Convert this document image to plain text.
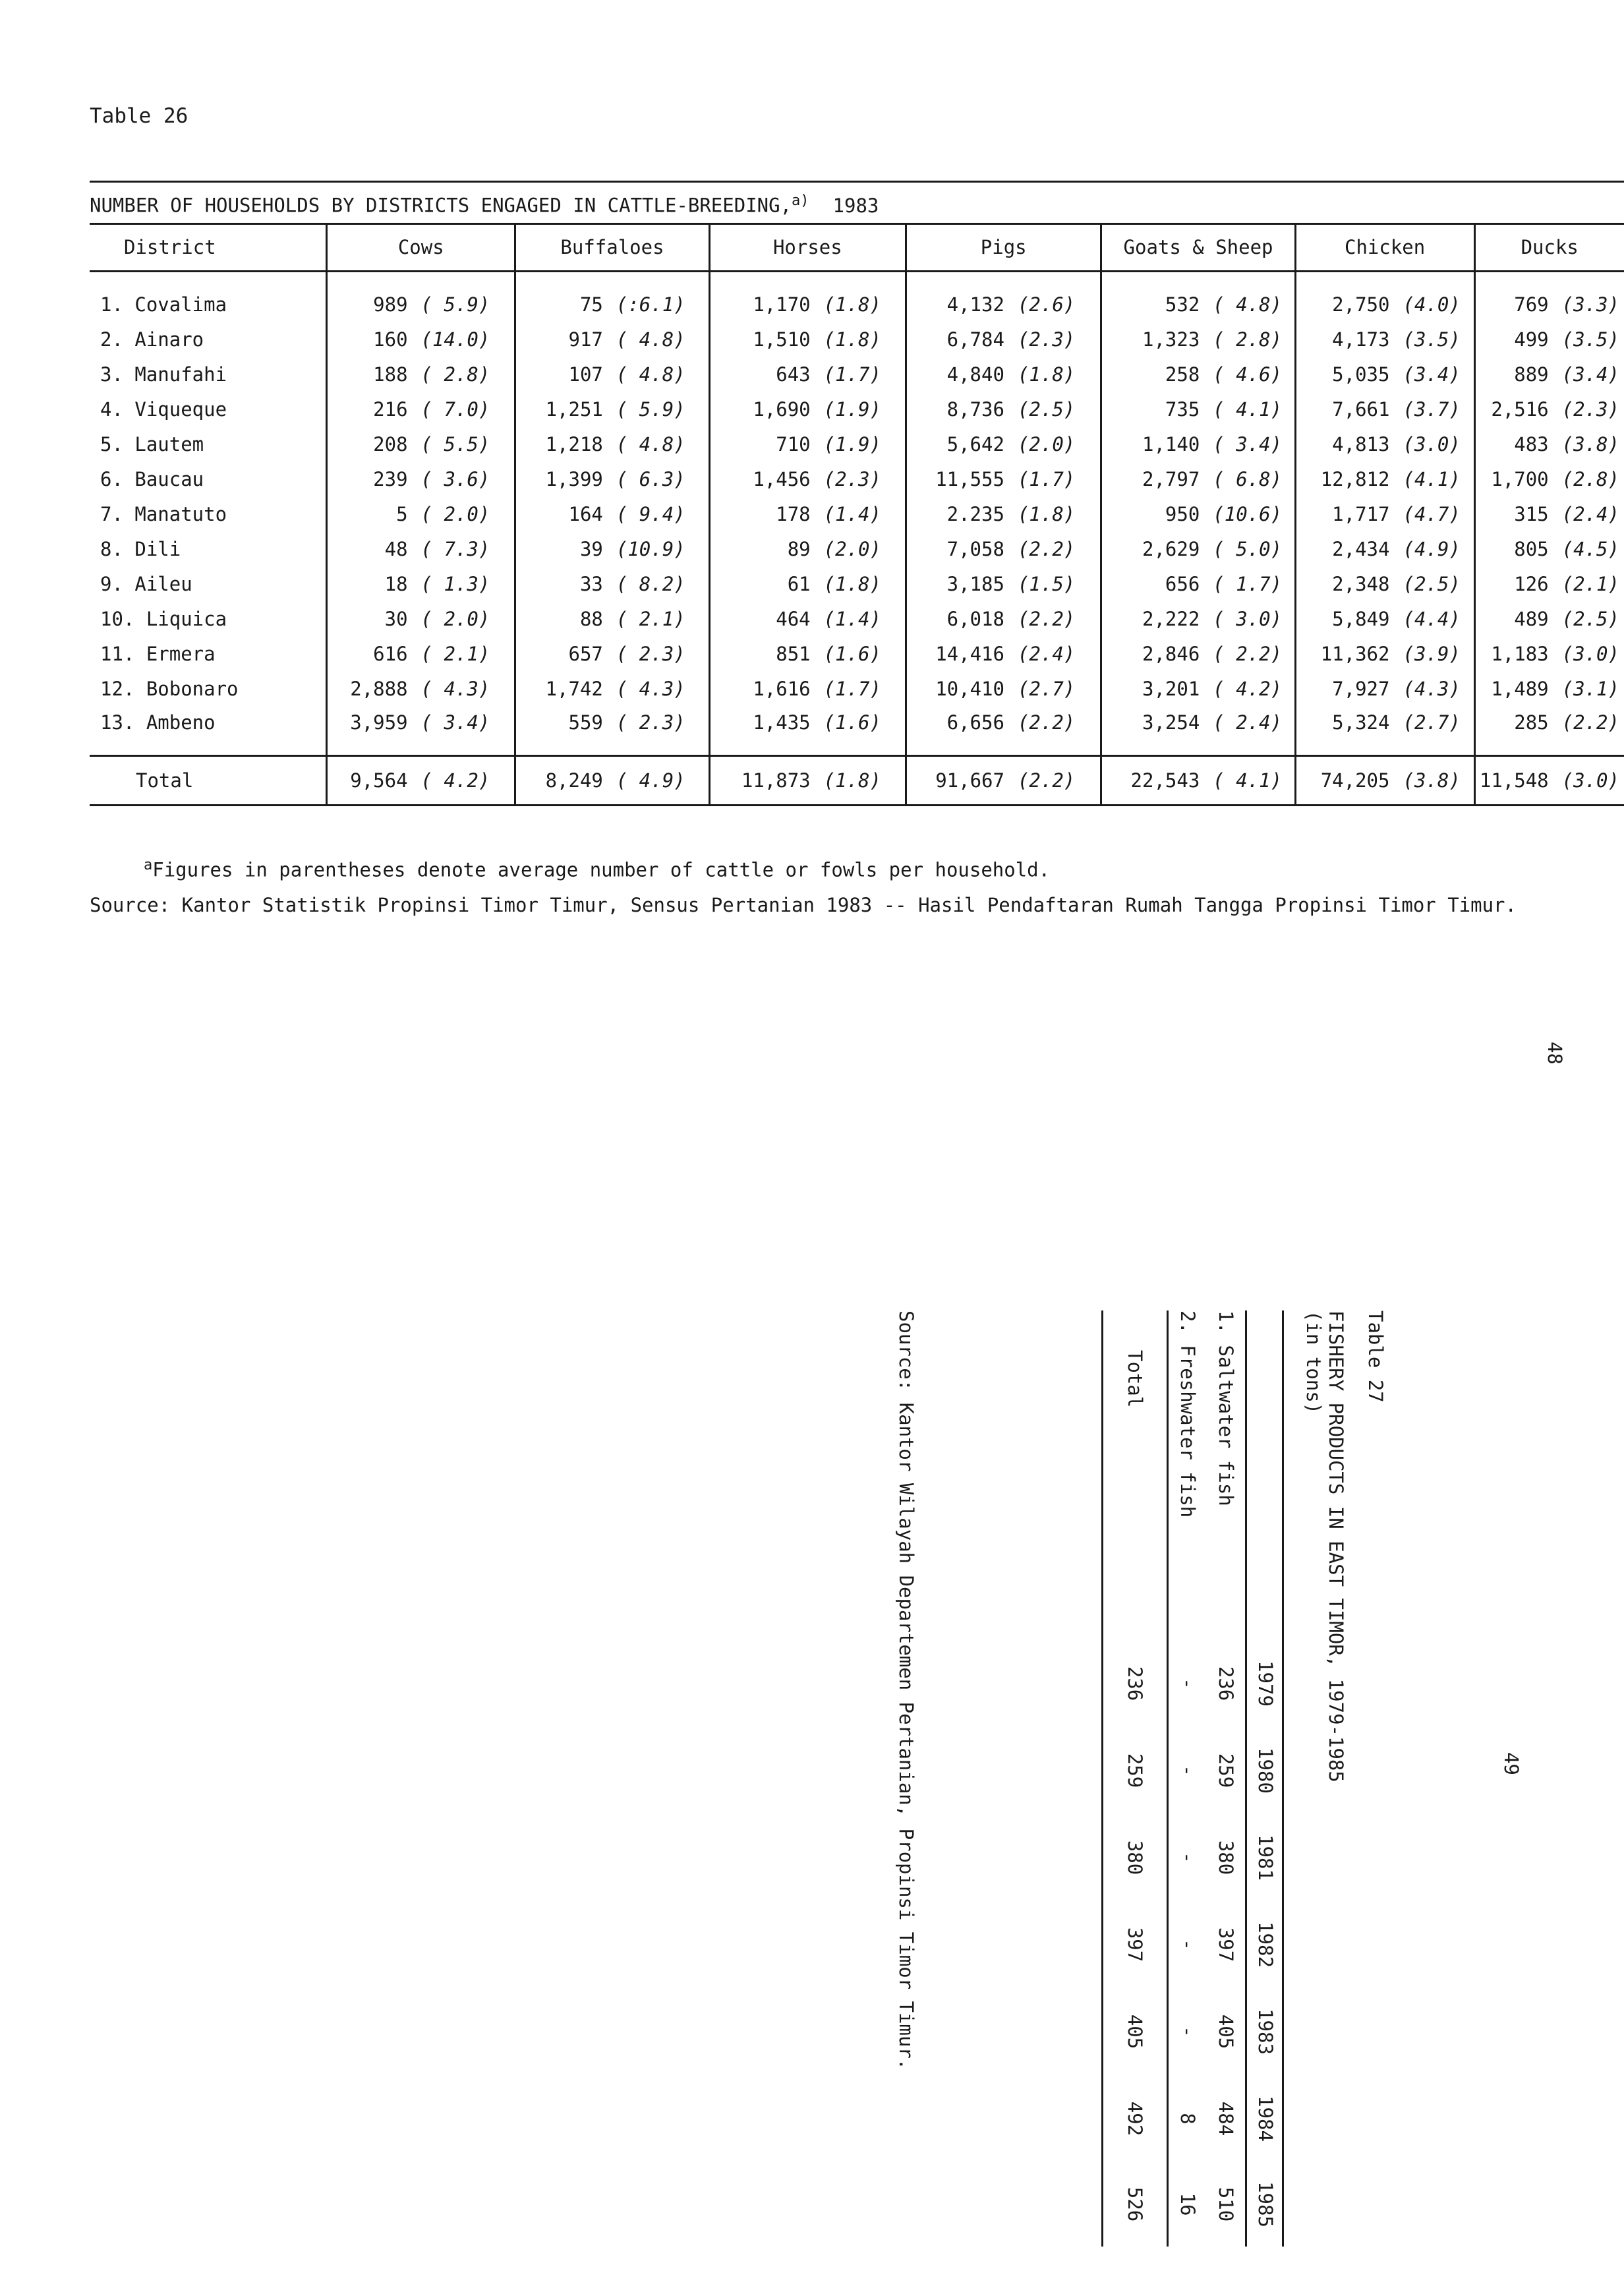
Table 26
NUMBER OF HOUSEHOLDS BY DISTRICTS ENGAGED IN CATTLE-BREEDING,$^{a)}$ 1983
District	Cows		Buffaloes		Horses		Pigs		Goats & Sheep		Chicken		Ducks	

1. Covalima	989	( 5.9)	75	(:6.1)	1,170	(1.8)	4,132	(2.6)	532	( 4.8)	2,750	(4.0)	769	(3.3)
2. Ainaro	160	(14.0)	917	( 4.8)	1,510	(1.8)	6,784	(2.3)	1,323	( 2.8)	4,173	(3.5)	499	(3.5)
3. Manufahi	188	( 2.8)	107	( 4.8)	643	(1.7)	4,840	(1.8)	258	( 4.6)	5,035	(3.4)	889	(3.4)
4. Viqueque	216	( 7.0)	1,251	( 5.9)	1,690	(1.9)	8,736	(2.5)	735	( 4.1)	7,661	(3.7)	2,516	(2.3)
5. Lautem	208	( 5.5)	1,218	( 4.8)	710	(1.9)	5,642	(2.0)	1,140	( 3.4)	4,813	(3.0)	483	(3.8)
6. Baucau	239	( 3.6)	1,399	( 6.3)	1,456	(2.3)	11,555	(1.7)	2,797	( 6.8)	12,812	(4.1)	1,700	(2.8)
7. Manatuto	5	( 2.0)	164	( 9.4)	178	(1.4)	2.235	(1.8)	950	(10.6)	1,717	(4.7)	315	(2.4)
8. Dili	48	( 7.3)	39	(10.9)	89	(2.0)	7,058	(2.2)	2,629	( 5.0)	2,434	(4.9)	805	(4.5)
9. Aileu	18	( 1.3)	33	( 8.2)	61	(1.8)	3,185	(1.5)	656	( 1.7)	2,348	(2.5)	126	(2.1)
10. Liquica	30	( 2.0)	88	( 2.1)	464	(1.4)	6,018	(2.2)	2,222	( 3.0)	5,849	(4.4)	489	(2.5)
11. Ermera	616	( 2.1)	657	( 2.3)	851	(1.6)	14,416	(2.4)	2,846	( 2.2)	11,362	(3.9)	1,183	(3.0)
12. Bobonaro	2,888	( 4.3)	1,742	( 4.3)	1,616	(1.7)	10,410	(2.7)	3,201	( 4.2)	7,927	(4.3)	1,489	(3.1)
13. Ambeno	3,959	( 3.4)	559	( 2.3)	1,435	(1.6)	6,656	(2.2)	3,254	( 2.4)	5,324	(2.7)	285	(2.2)
Total	9,564	( 4.2)	8,249	( 4.9)	11,873	(1.8)	91,667	(2.2)	22,543	( 4.1)	74,205	(3.8)	11,548	(3.0)
$^a$Figures in parentheses denote average number of cattle or fowls per household.
Source: Kantor Statistik Propinsi Timor Timur, Sensus Pertanian 1983 -- Hasil Pendaftaran Rumah Tangga Propinsi Timor Timur.
48
49
Table 27
FISHERY PRODUCTS IN EAST TIMOR, 1979-1985
(in tons)
	1979	1980	1981	1982	1983	1984	1985

1. Saltwater fish	236	259	380	397	405	484	510
2. Freshwater fish	-	-	-	-	-	8	16
Total	236	259	380	397	405	492	526
Source: Kantor Wilayah Departemen Pertanian, Propinsi Timor Timur.
